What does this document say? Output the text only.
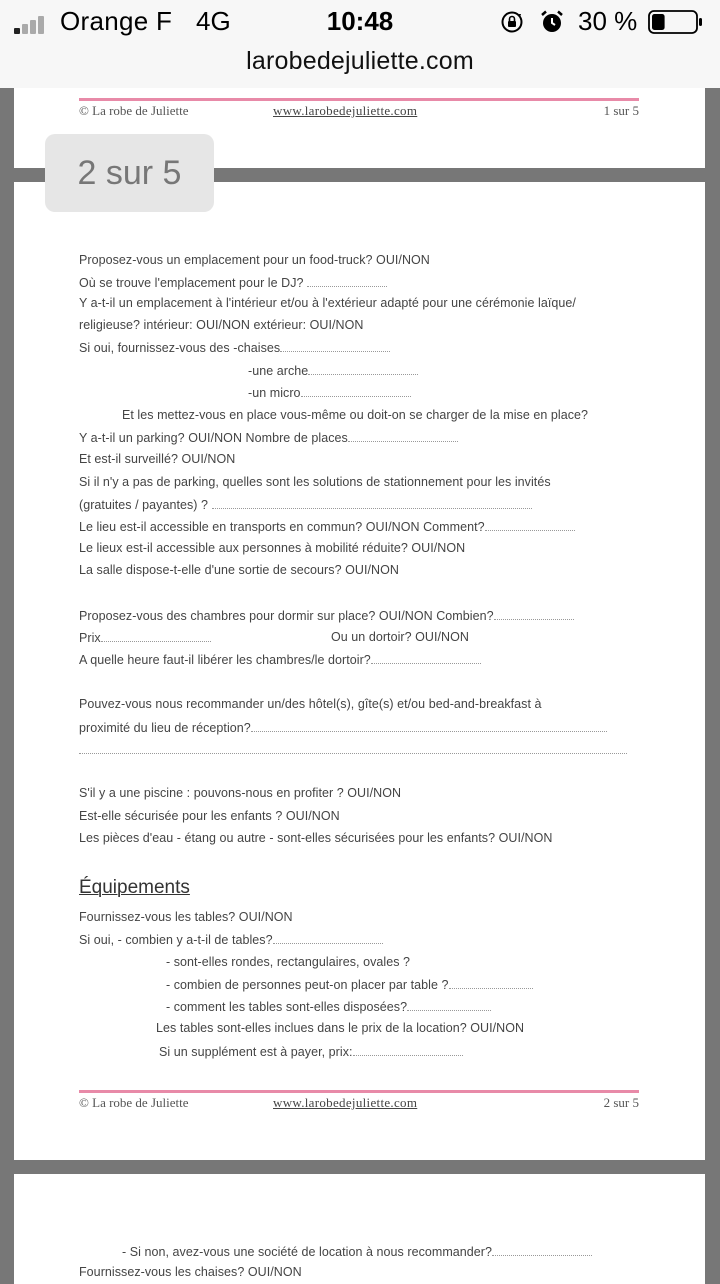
Orange F 4G	10:48	30 %
larobedejuliette.com
© La robe de Juliette	www.larobedejuliette.com	1 sur 5
Proposez-vous un emplacement pour un food-truck? OUI/NON
Où se trouve l'emplacement pour le DJ?
Y a-t-il un emplacement à l'intérieur et/ou à l'extérieur adapté pour une cérémonie laïque/
religieuse? intérieur: OUI/NON extérieur: OUI/NON
Si oui, fournissez-vous des -chaises
-une arche
-un micro
Et les mettez-vous en place vous-même ou doit-on se charger de la mise en place?
Y a-t-il un parking? OUI/NON Nombre de places
Et est-il surveillé? OUI/NON
Si il n'y a pas de parking, quelles sont les solutions de stationnement pour les invités
(gratuites / payantes) ?
Le lieu est-il accessible en transports en commun? OUI/NON Comment?
Le lieux est-il accessible aux personnes à mobilité réduite? OUI/NON
La salle dispose-t-elle d'une sortie de secours? OUI/NON
Proposez-vous des chambres pour dormir sur place? OUI/NON Combien?
Prix	Ou un dortoir? OUI/NON
A quelle heure faut-il libérer les chambres/le dortoir?
Pouvez-vous nous recommander un/des hôtel(s), gîte(s) et/ou bed-and-breakfast à
proximité du lieu de réception?
S'il y a une piscine : pouvons-nous en profiter ? OUI/NON
Est-elle sécurisée pour les enfants ? OUI/NON
Les pièces d'eau - étang ou autre - sont-elles sécurisées pour les enfants? OUI/NON
Équipements
Fournissez-vous les tables? OUI/NON
Si oui, - combien y a-t-il de tables?
- sont-elles rondes, rectangulaires, ovales ?
- combien de personnes peut-on placer par table ?
- comment les tables sont-elles disposées?
Les tables sont-elles inclues dans le prix de la location? OUI/NON
Si un supplément est à payer, prix:
© La robe de Juliette	www.larobedejuliette.com	2 sur 5
- Si non, avez-vous une société de location à nous recommander?
Fournissez-vous les chaises? OUI/NON
2 sur 5
